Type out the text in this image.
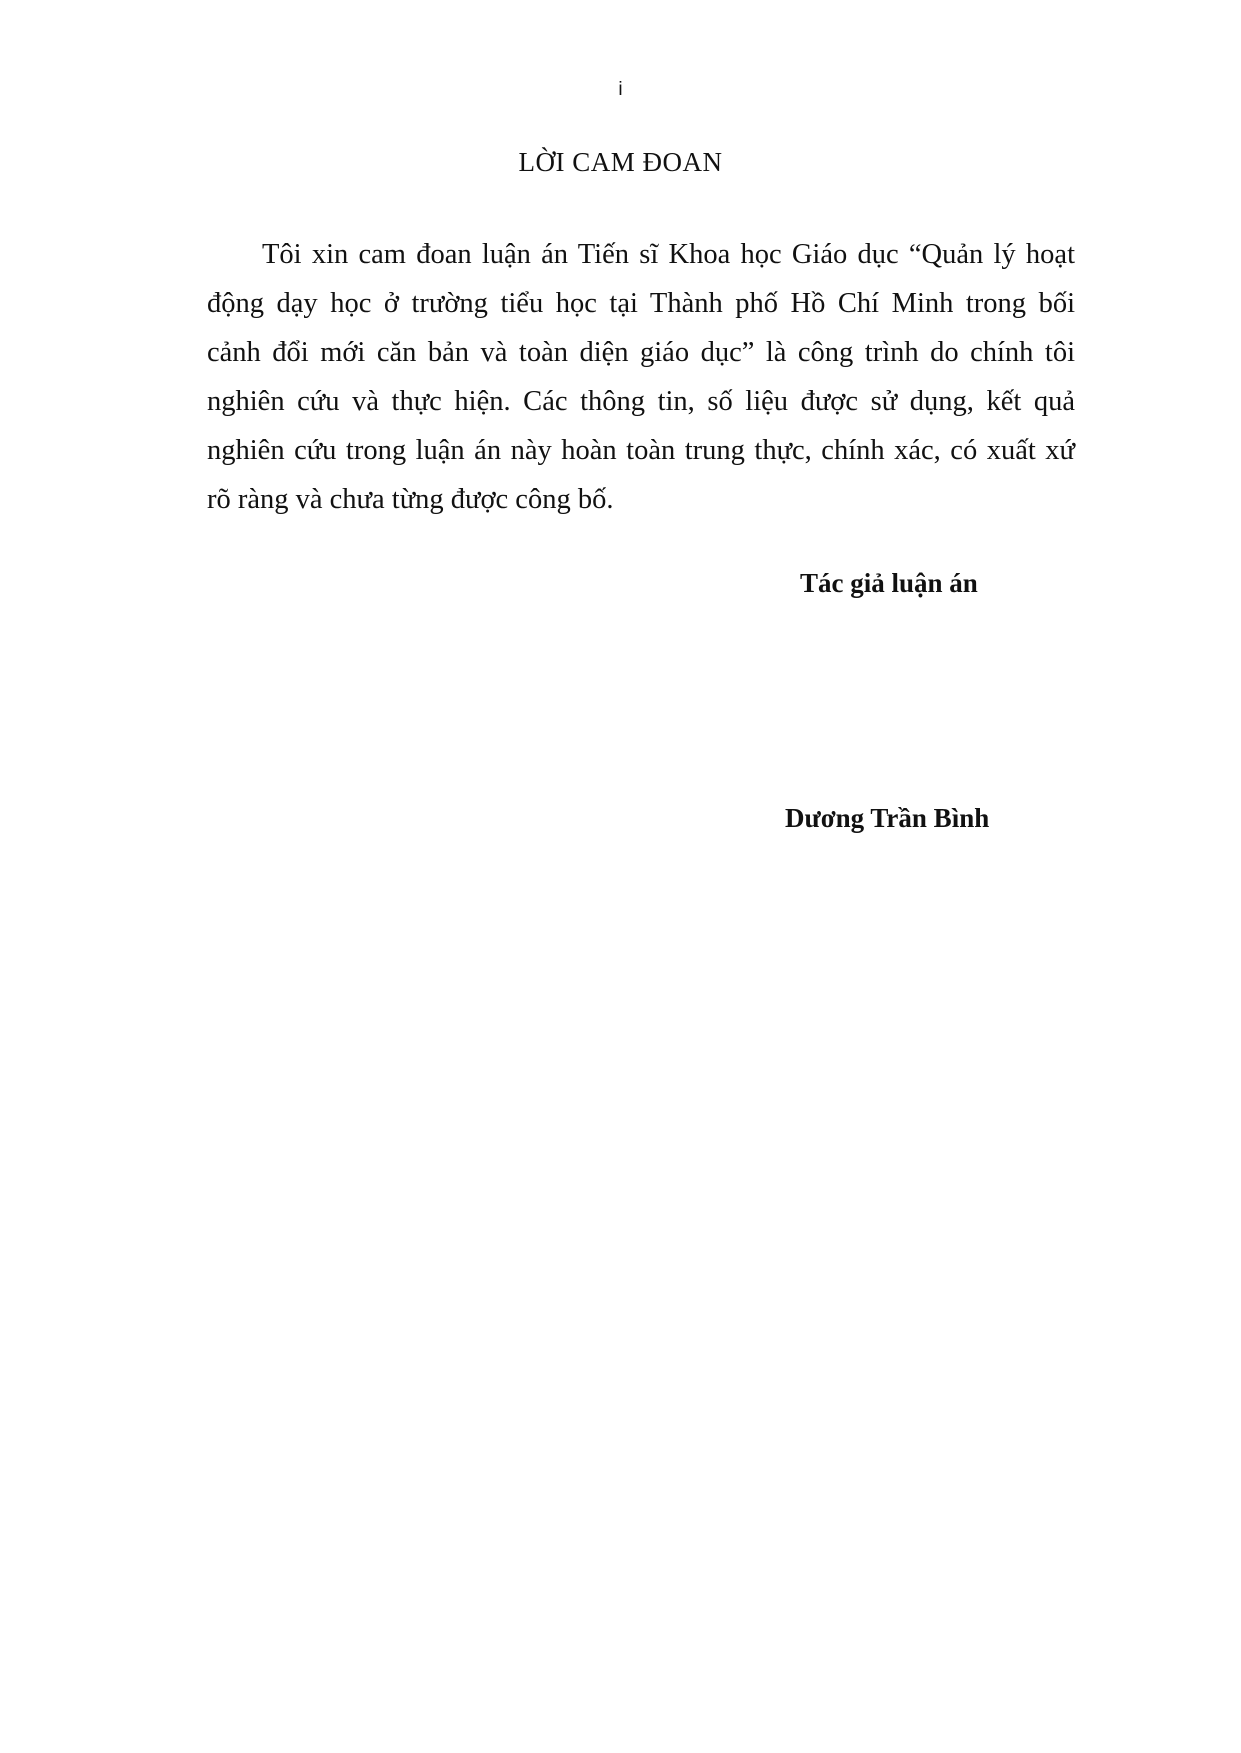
i
LỜI CAM ĐOAN

Tôi xin cam đoan luận án Tiến sĩ Khoa học Giáo dục “Quản lý hoạt
động dạy học ở trường tiểu học tại Thành phố Hồ Chí Minh trong bối
cảnh đổi mới căn bản và toàn diện giáo dục” là công trình do chính tôi
nghiên cứu và thực hiện. Các thông tin, số liệu được sử dụng, kết quả
nghiên cứu trong luận án này hoàn toàn trung thực, chính xác, có xuất xứ
rõ ràng và chưa từng được công bố.

Tác giả luận án
Dương Trần Bình
